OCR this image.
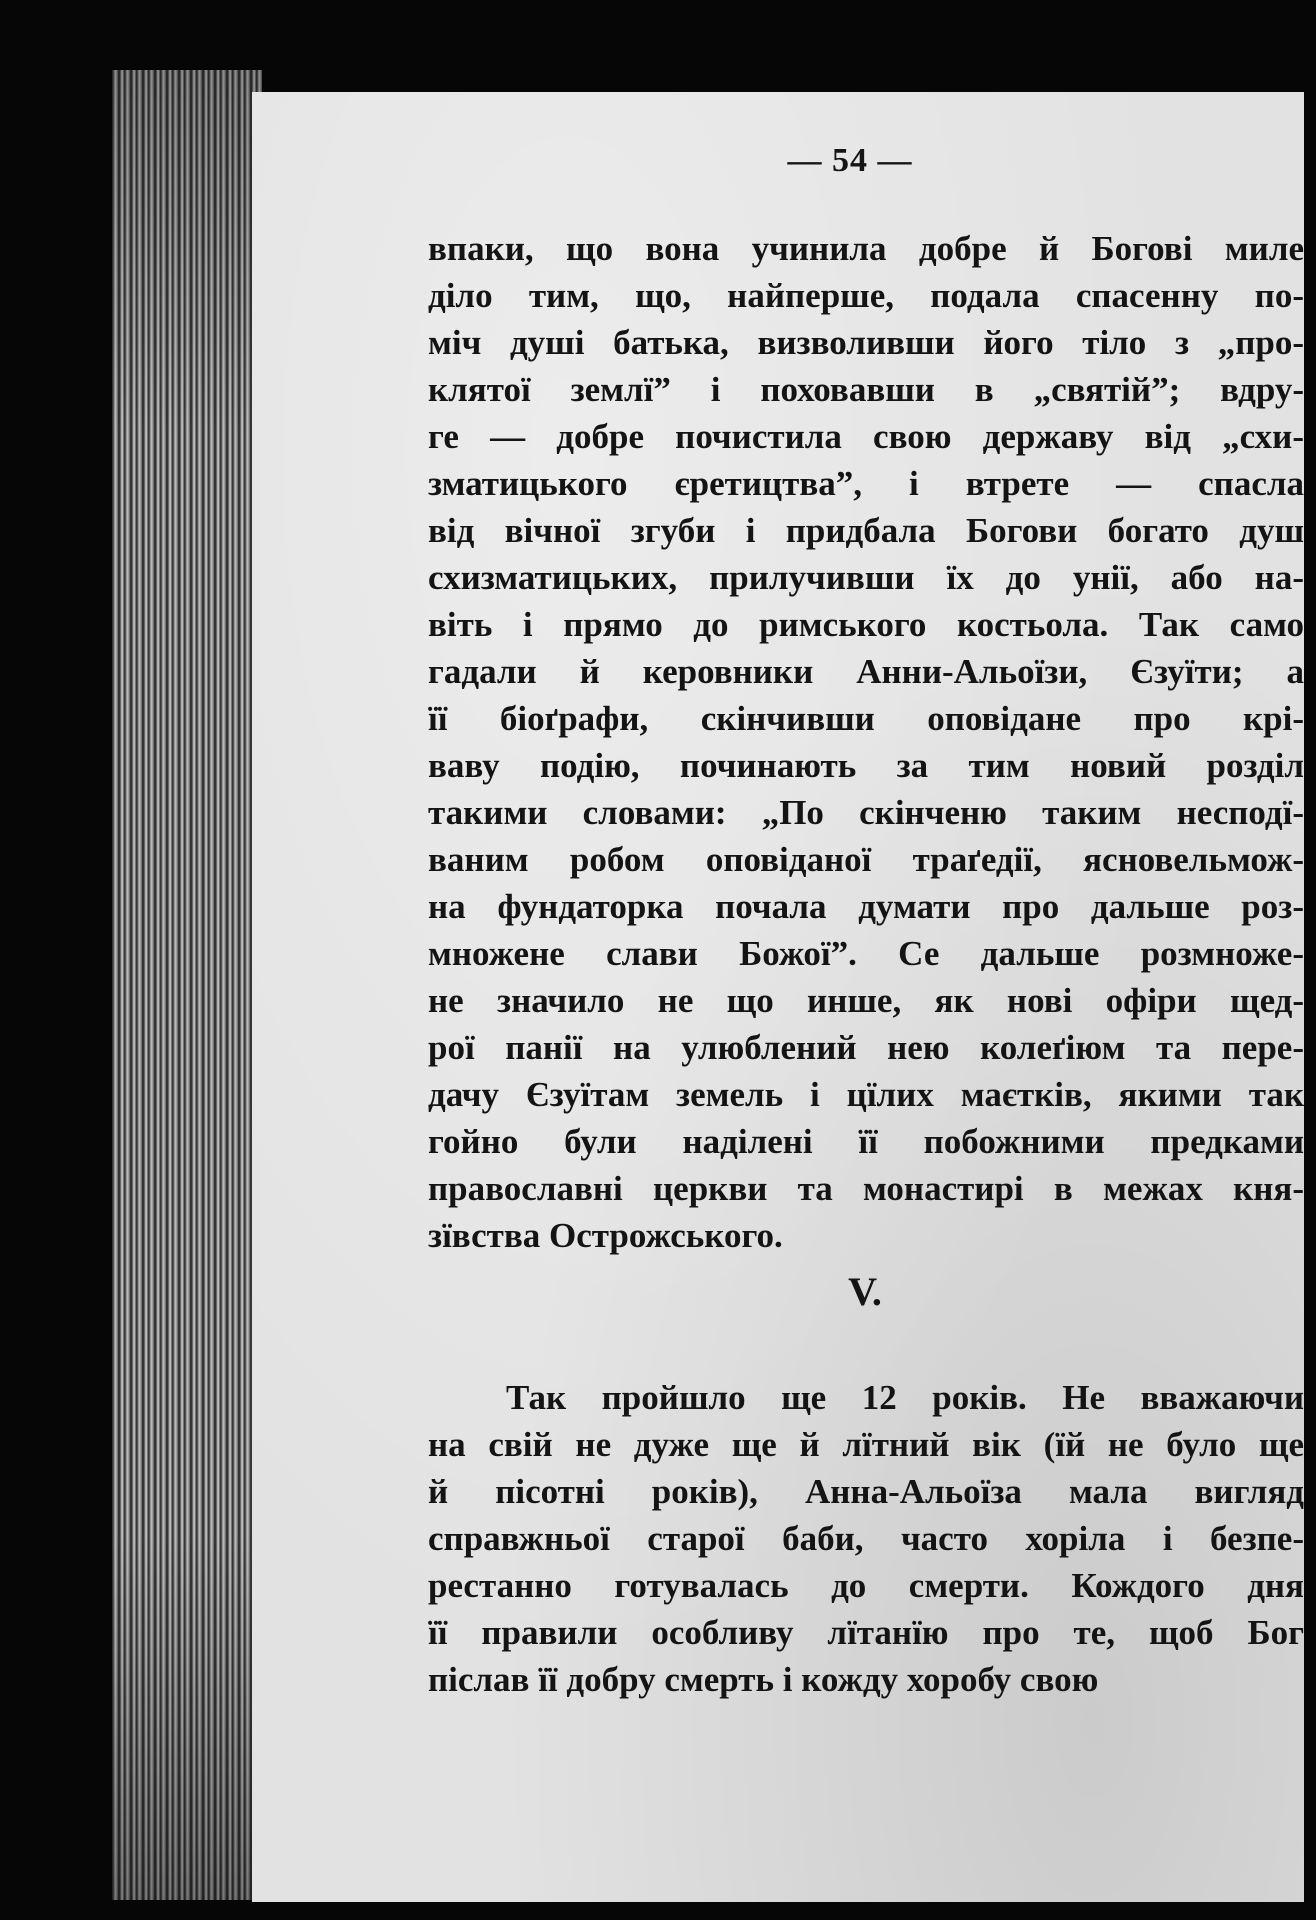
— 54 —
впаки, що вона учинила добре й Богові миле
діло тим, що, найперше, подала спасенну по-
міч душі батька, визволивши його тіло з „про-
клятої землї” і поховавши в „святій”; вдру-
ге — добре почистила свою державу від „схи-
зматицького єретицтва”, і втрете — спасла
від вічної згуби і придбала Богови богато душ
схизматицьких, прилучивши їх до унії, або на-
віть і прямо до римського костьола. Так само
гадали й керовники Анни-Альоїзи, Єзуїти; а
її біоґрафи, скінчивши оповідане про крі-
ваву подію, починають за тим новий розділ
такими словами: „По скінченю таким несподї-
ваним робом оповіданої траґедії, ясновельмож-
на фундаторка почала думати про дальше роз-
множене слави Божої”. Се дальше розмноже-
не значило не що инше, як нові офіри щед-
рої панії на улюблений нею колеґіюм та пере-
дачу Єзуїтам земель і цїлих маєтків, якими так
гойно були наділені її побожними предками
православні церкви та монастирі в межах кня-
зївства Острожського.
V.
Так пройшло ще 12 років. Не вважаючи
на свій не дуже ще й лїтний вік (їй не було ще
й пісотні років), Анна-Альоїза мала вигляд
справжньої старої баби, часто хоріла і безпе-
рестанно готувалась до смерти. Кождого дня
її правили особливу лїтанїю про те, щоб Бог
післав її добру смерть і кожду хоробу свою
